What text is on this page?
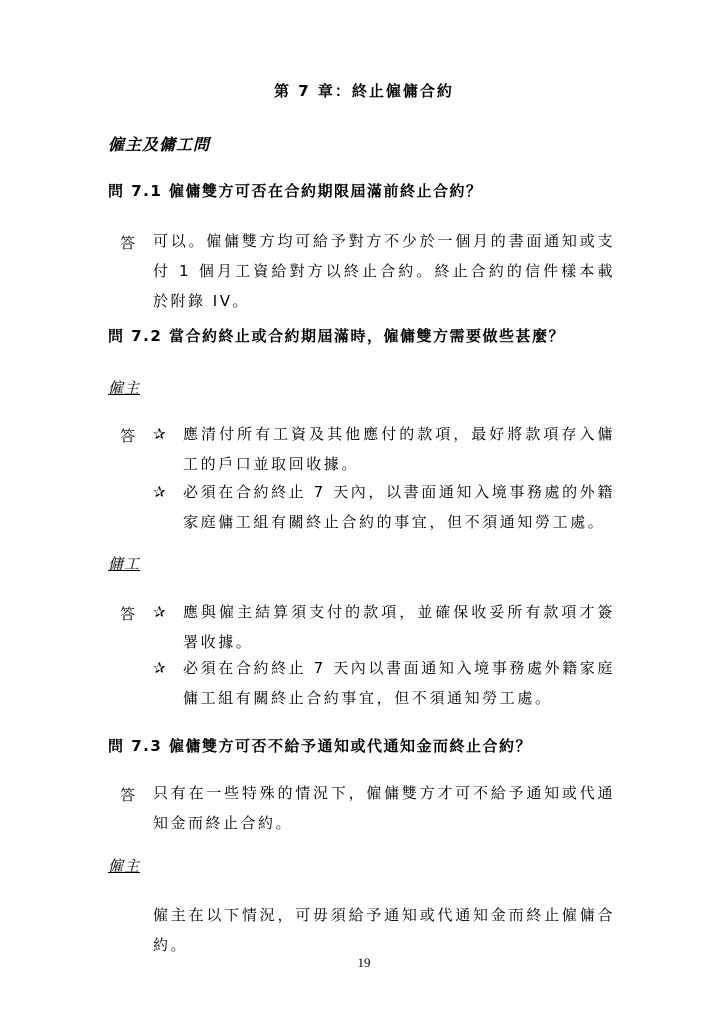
第 7 章：終止僱傭合約
僱主及傭工問
問 7.1 僱傭雙方可否在合約期限屆滿前終止合約？
答 可以。僱傭雙方均可給予對方不少於一個月的書面通知或支付 1 個月工資給對方以終止合約。終止合約的信件樣本載於附錄 IV。
問 7.2 當合約終止或合約期屆滿時，僱傭雙方需要做些甚麼？
僱主
答 ✰ 應清付所有工資及其他應付的款項，最好將款項存入傭工的戶口並取回收據。
✰ 必須在合約終止 7 天內，以書面通知入境事務處的外籍家庭傭工組有關終止合約的事宜，但不須通知勞工處。
傭工
答 ✰ 應與僱主結算須支付的款項，並確保收妥所有款項才簽署收據。
✰ 必須在合約終止 7 天內以書面通知入境事務處外籍家庭傭工組有關終止合約事宜，但不須通知勞工處。
問 7.3 僱傭雙方可否不給予通知或代通知金而終止合約？
答 只有在一些特殊的情況下，僱傭雙方才可不給予通知或代通知金而終止合約。
僱主
僱主在以下情況，可毋須給予通知或代通知金而終止僱傭合約。
19
